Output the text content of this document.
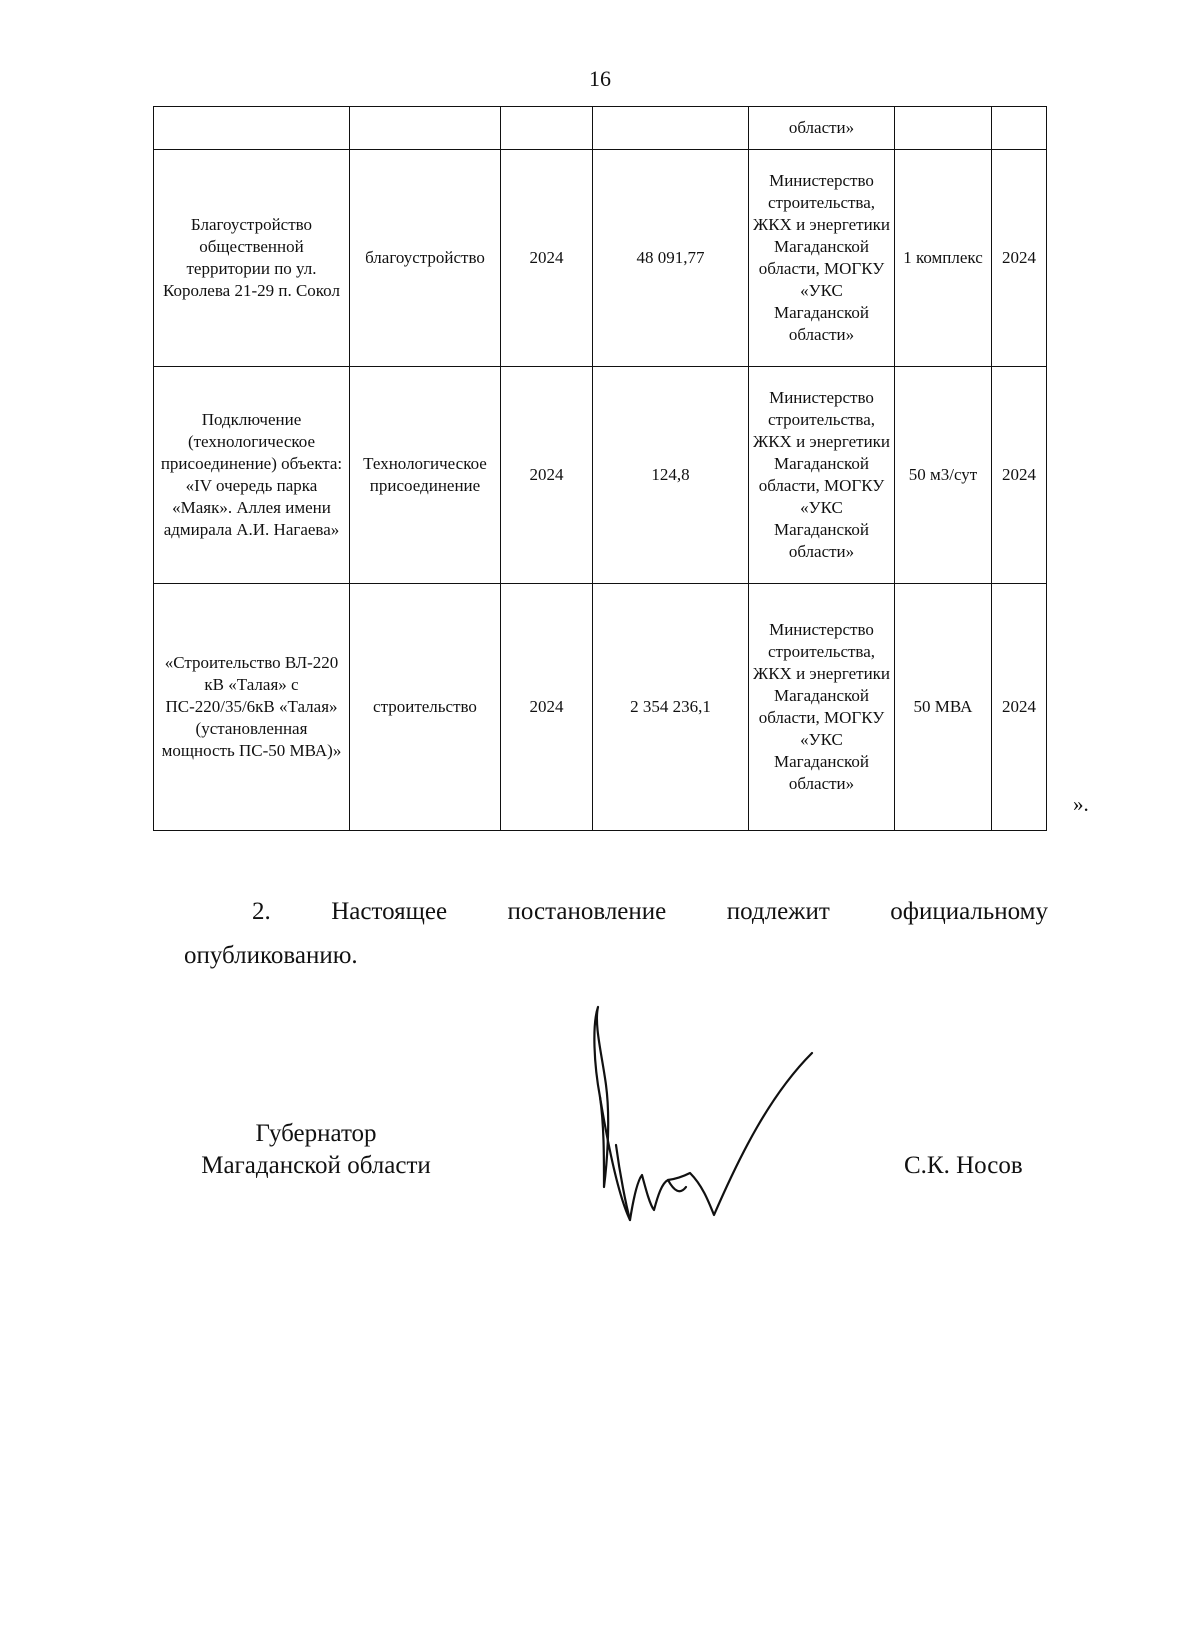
16
				области»		
Благоустройство общественной территории по ул. Королева 21-29 п. Сокол	благоустройство	2024	48 091,77	Министерство строительства, ЖКХ и энергетики Магаданской области, МОГКУ «УКС Магаданской области»	1 комплекс	2024
Подключение (технологическое присоединение) объекта: «IV очередь парка «Маяк». Аллея имени адмирала А.И. Нагаева»	Технологическое присоединение	2024	124,8	Министерство строительства, ЖКХ и энергетики Магаданской области, МОГКУ «УКС Магаданской области»	50 м3/сут	2024
«Строительство ВЛ-220 кВ «Талая» с ПС-220/35/6кВ «Талая» (установленная мощность ПС-50 МВА)»	строительство	2024	2 354 236,1	Министерство строительства, ЖКХ и энергетики Магаданской области, МОГКУ «УКС Магаданской области»	50 МВА	2024
».
2. Настоящее постановление подлежит официальному
опубликованию.
Губернатор
Магаданской области	С.К. Носов
